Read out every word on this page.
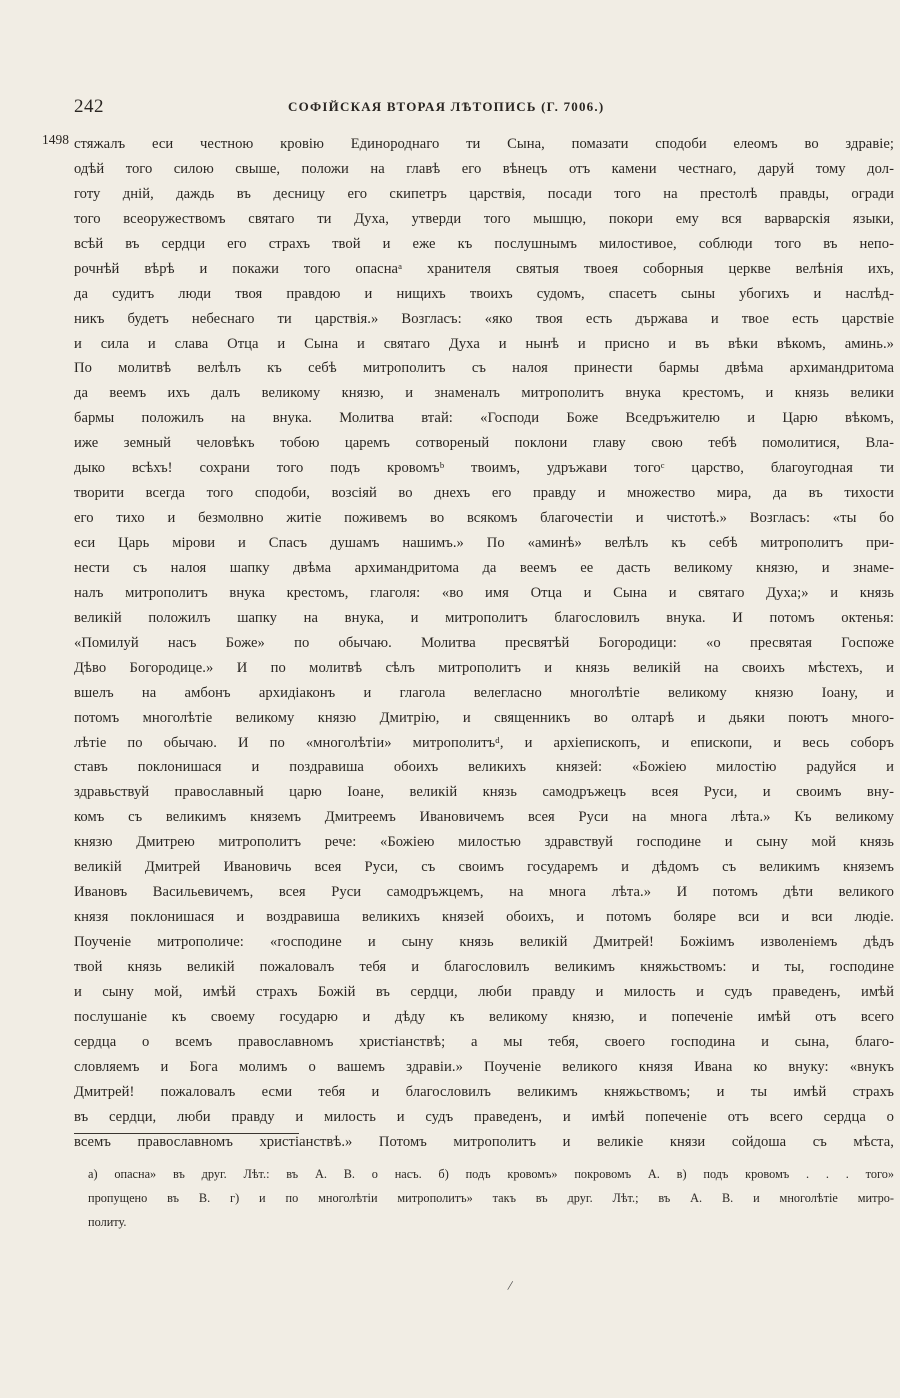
242	СОФІЙСКАЯ ВТОРАЯ ЛѢТОПИСЬ (Г. 7006.)
1498 стяжалъ еси честною кровію Единороднаго ти Сына, помазати сподоби елеомъ во здравіе;
одѣй того силою свыше, положи на главѣ его вѣнецъ отъ камени честнаго, даруй тому дол-
готу дній, даждь въ десницу его скипетръ царствія, посади того на престолѣ правды, огради
того всеоружествомъ святаго ти Духа, утверди того мышцю, покори ему вся варварскія языки,
всѣй въ сердци его страхъ твой и еже къ послушнымъ милостивое, соблюди того въ непо-
рочнѣй вѣрѣ и покажи того опаснаᵃ хранителя святыя твоея соборныя церкве велѣнія ихъ,
да судитъ люди твоя правдою и нищихъ твоихъ судомъ, спасетъ сыны убогихъ и наслѣд-
никъ будетъ небеснаго ти царствія.» Возгласъ: «яко твоя есть държава и твое есть царствіе
и сила и слава Отца и Сына и святаго Духа и нынѣ и присно и въ вѣки вѣкомъ, аминь.»
По молитвѣ велѣлъ къ себѣ митрополитъ съ налоя принести бармы двѣма архимандритома
да веемъ ихъ далъ великому князю, и знаменалъ митрополитъ внука крестомъ, и князь велики
бармы положилъ на внука. Молитва втай: «Господи Боже Вседръжителю и Царю вѣкомъ,
иже земный человѣкъ тобою царемъ сотвореный поклони главу свою тебѣ помолитися, Вла-
дыко всѣхъ! сохрани того подъ кровомъᵇ твоимъ, удръжави тогоᶜ царство, благоугодная ти
творити всегда того сподоби, возсіяй во днехъ его правду и множество мира, да въ тихости
его тихо и безмолвно житіе поживемъ во всякомъ благочестіи и чистотѣ.» Возгласъ: «ты бо
еси Царь мірови и Спасъ душамъ нашимъ.» По «аминѣ» велѣлъ къ себѣ митрополитъ при-
нести съ налоя шапку двѣма архимандритома да веемъ ее дасть великому князю, и знаме-
налъ митрополитъ внука крестомъ, глаголя: «во имя Отца и Сына и святаго Духа;» и князь
великій положилъ шапку на внука, и митрополитъ благословилъ внука. И потомъ октенья:
«Помилуй насъ Боже» по обычаю. Молитва пресвятѣй Богородици: «о пресвятая Госпоже
Дѣво Богородице.» И по молитвѣ сѣлъ митрополитъ и князь великій на своихъ мѣстехъ, и
вшелъ на амбонъ архидіаконъ и глагола велегласно многолѣтіе великому князю Іоану, и
потомъ многолѣтіе великому князю Дмитрію, и священникъ во олтарѣ и дьяки поютъ много-
лѣтіе по обычаю. И по «многолѣтіи» митрополитъᵈ, и архіепископъ, и епископи, и весь соборъ
ставъ поклонишася и поздравиша обоихъ великихъ князей: «Божіею милостію радуйся и
здравьствуй православный царю Іоане, великій князь самодръжецъ всея Руси, и своимъ вну-
комъ съ великимъ княземъ Дмитреемъ Ивановичемъ всея Руси на многа лѣта.» Къ великому
князю Дмитрею митрополитъ рече: «Божіею милостью здравствуй господине и сыну мой князь
великій Дмитрей Ивановичь всея Руси, съ своимъ государемъ и дѣдомъ съ великимъ княземъ
Ивановъ Васильевичемъ, всея Руси самодръжцемъ, на многа лѣта.» И потомъ дѣти великого
князя поклонишася и воздравиша великихъ князей обоихъ, и потомъ боляре вси и вси людіе.
Поученіе митрополиче: «господине и сыну князь великій Дмитрей! Божіимъ изволеніемъ дѣдъ
твой князь великій пожаловалъ тебя и благословилъ великимъ княжьствомъ: и ты, господине
и сыну мой, имѣй страхъ Божій въ сердци, люби правду и милость и судъ праведенъ, имѣй
послушаніе къ своему государю и дѣду къ великому князю, и попеченіе имѣй отъ всего
сердца о всемъ православномъ христіанствѣ; а мы тебя, своего господина и сына, благо-
словляемъ и Бога молимъ о вашемъ здравіи.» Поученіе великого князя Ивана ко внуку: «внукъ
Дмитрей! пожаловалъ есми тебя и благословилъ великимъ княжьствомъ; и ты имѣй страхъ
въ сердци, люби правду и милость и судъ праведенъ, и имѣй попеченіе отъ всего сердца о
всемъ православномъ христіанствѣ.» Потомъ митрополитъ и великіе князи сойдоша съ мѣста,
а) опасна» въ друг. Лѣт.: въ А. В. о насъ. б) подъ кровомъ» покровомъ А. в) подъ кровомъ . . . того»
пропущено въ В. г) и по многолѣтіи митрополитъ» такъ въ друг. Лѣт.; въ А. В. и многолѣтіе митро-
политу.
/
